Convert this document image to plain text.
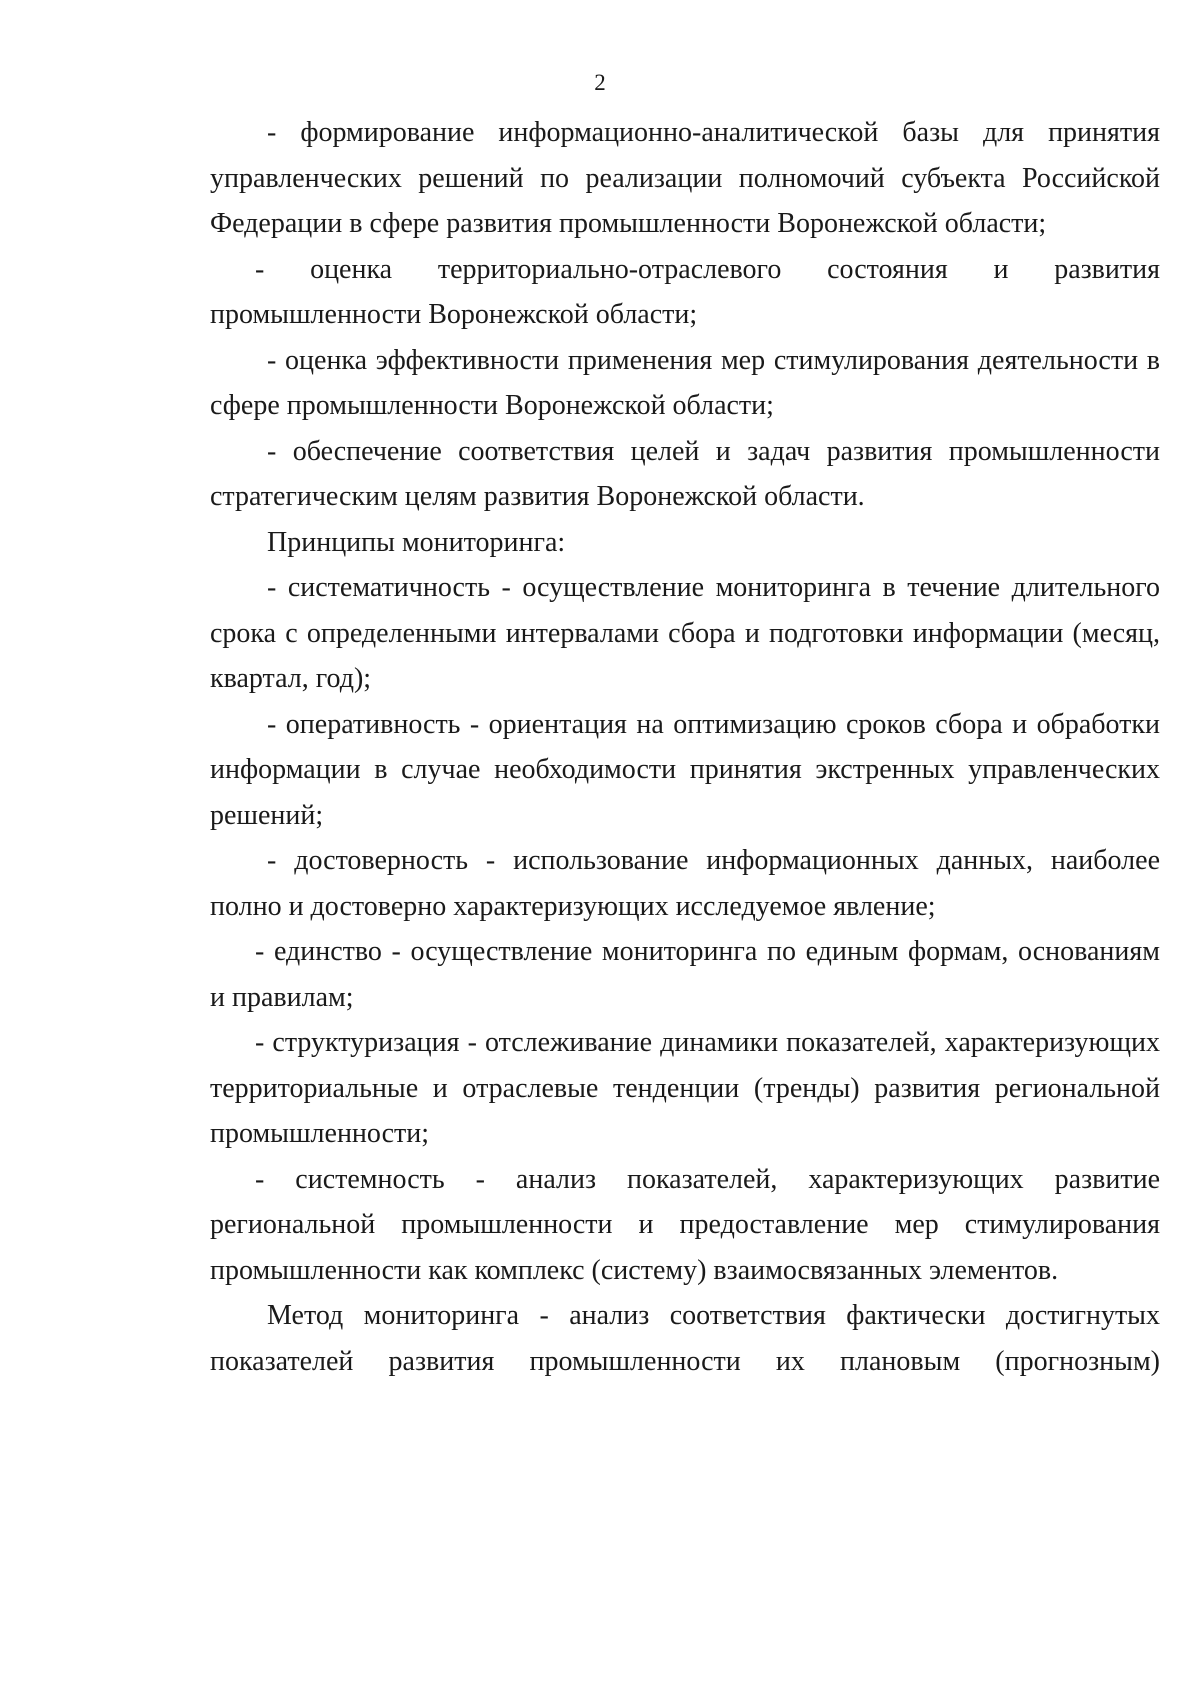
2

- формирование информационно-аналитической базы для принятия управленческих решений по реализации полномочий субъекта Российской Федерации в сфере развития промышленности Воронежской области;

- оценка территориально-отраслевого состояния и развития промышленности Воронежской области;

- оценка эффективности применения мер стимулирования деятельности в сфере промышленности Воронежской области;

- обеспечение соответствия целей и задач развития промышленности стратегическим целям развития Воронежской области.

Принципы мониторинга:

- систематичность - осуществление мониторинга в течение длительного срока с определенными интервалами сбора и подготовки информации (месяц, квартал, год);

- оперативность - ориентация на оптимизацию сроков сбора и обработки информации в случае необходимости принятия экстренных управленческих решений;

- достоверность - использование информационных данных, наиболее полно и достоверно характеризующих исследуемое явление;

- единство - осуществление мониторинга по единым формам, основаниям и правилам;

- структуризация - отслеживание динамики показателей, характеризующих территориальные и отраслевые тенденции (тренды) развития региональной промышленности;

- системность - анализ показателей, характеризующих развитие региональной промышленности и предоставление мер стимулирования промышленности как комплекс (систему) взаимосвязанных элементов.

Метод мониторинга - анализ соответствия фактически достигнутых показателей развития промышленности их плановым (прогнозным)
